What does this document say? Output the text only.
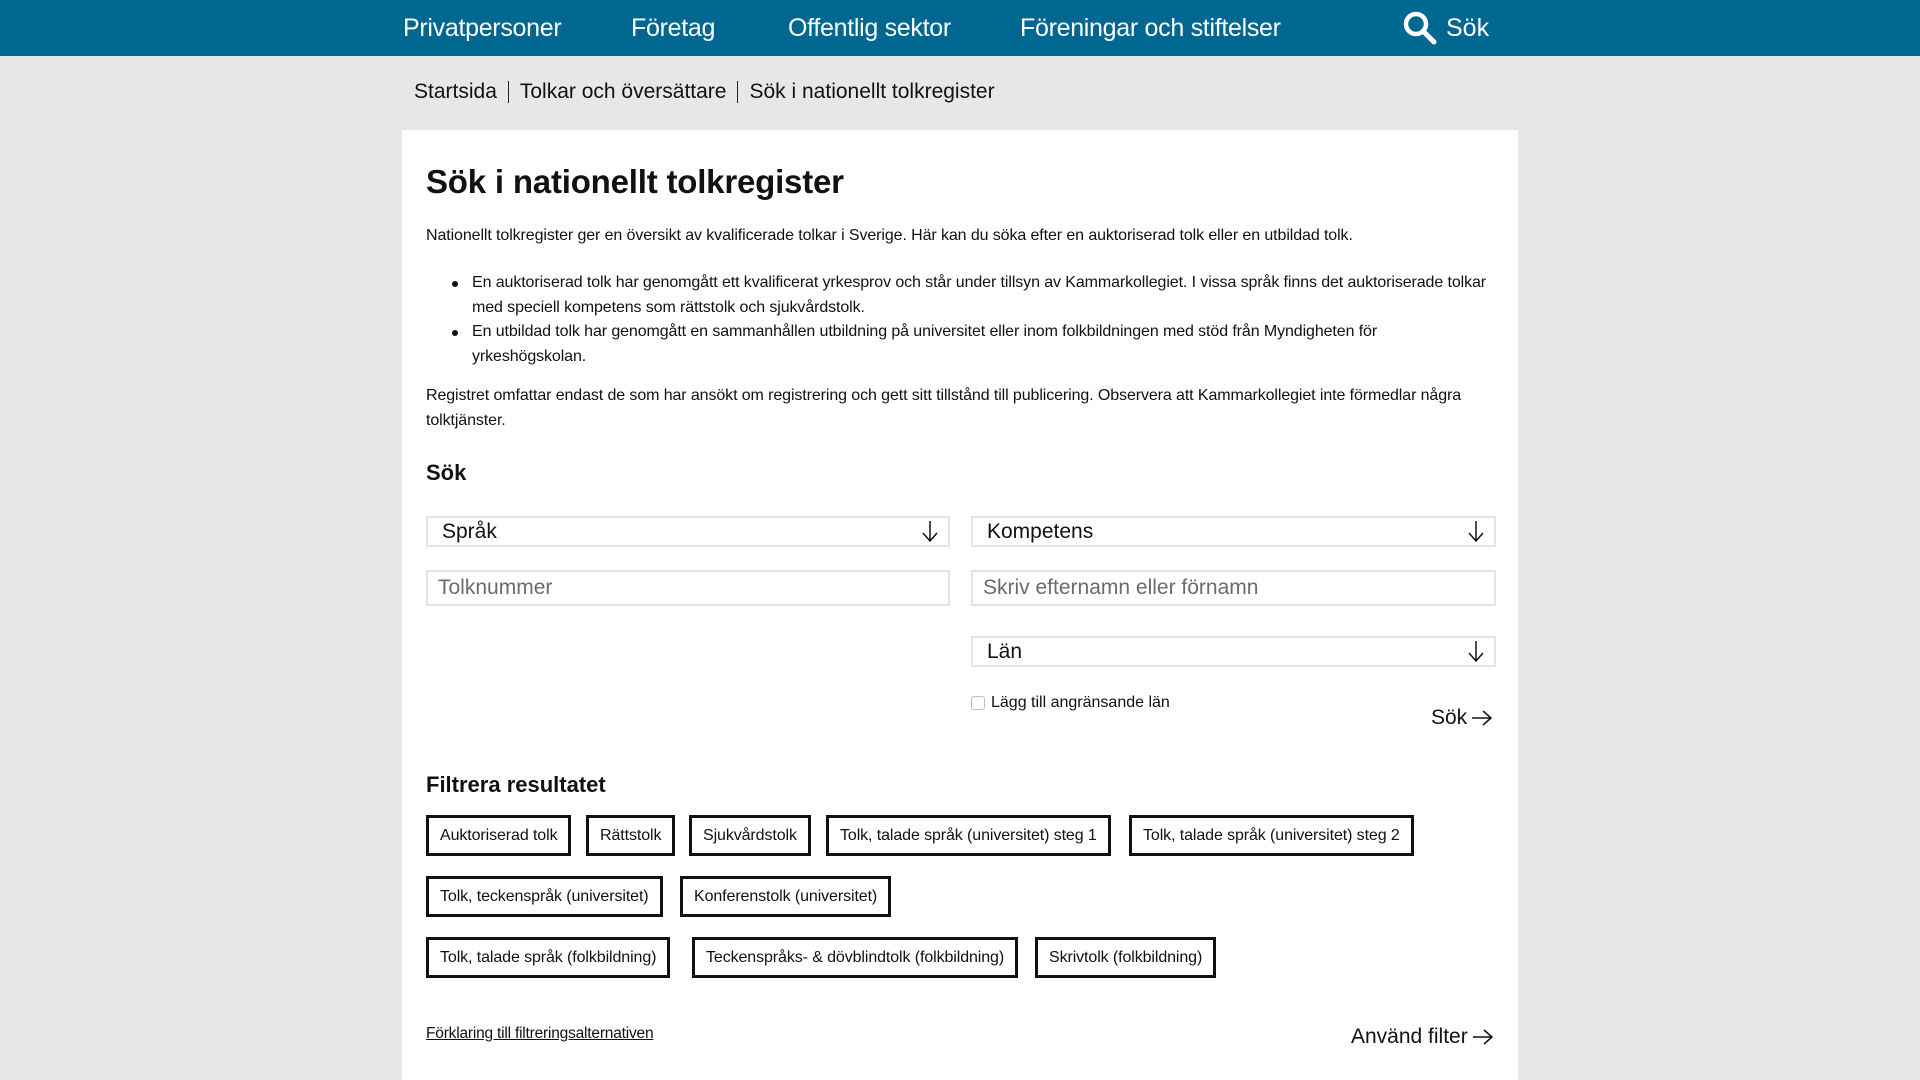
Privatpersoner	Företag	Offentlig sektor	Föreningar och stiftelser	Sök
Startsida Tolkar och översättare Sök i nationellt tolkregister
Sök i nationellt tolkregister

Nationellt tolkregister ger en översikt av kvalificerade tolkar i Sverige. Här kan du söka efter en auktoriserad tolk eller en utbildad tolk.

En auktoriserad tolk har genomgått ett kvalificerat yrkesprov och står under tillsyn av Kammarkollegiet. I vissa språk finns det auktoriserade tolkar med speciell kompetens som rättstolk och sjukvårdstolk.
En utbildad tolk har genomgått en sammanhållen utbildning på universitet eller inom folkbildningen med stöd från Myndigheten för yrkeshögskolan.

Registret omfattar endast de som har ansökt om registrering och gett sitt tillstånd till publicering. Observera att Kammarkollegiet inte förmedlar några tolktjänster.

Sök
Språk	Kompetens
Tolknummer
Skriv efternamn eller förnamn
Län
Lägg till angränsande län
Sök
Filtrera resultatet
Auktoriserad tolk	Rättstolk	Sjukvårdstolk	Tolk, talade språk (universitet) steg 1	Tolk, talade språk (universitet) steg 2
Tolk, teckenspråk (universitet)	Konferenstolk (universitet)
Tolk, talade språk (folkbildning)	Teckenspråks- & dövblindtolk (folkbildning)	Skrivtolk (folkbildning)
Förklaring till filtreringsalternativen	Använd filter
